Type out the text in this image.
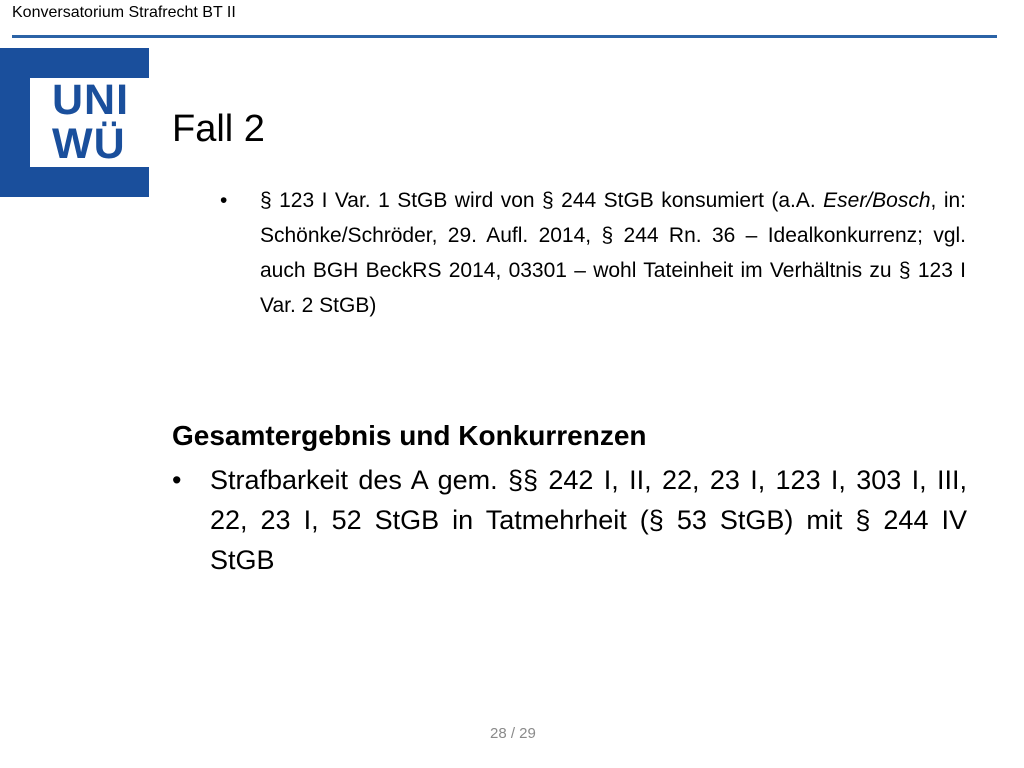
Konversatorium Strafrecht BT II
UNI
WÜ Fall 2
• § 123 I Var. 1 StGB wird von § 244 StGB konsumiert (a.A. Eser/Bosch, in: Schönke/Schröder, 29. Aufl. 2014, § 244 Rn. 36 – Idealkonkurrenz; vgl. auch BGH BeckRS 2014, 03301 – wohl Tateinheit im Verhältnis zu § 123 I Var. 2 StGB)
Gesamtergebnis und Konkurrenzen
• Strafbarkeit des A gem. §§ 242 I, II, 22, 23 I, 123 I, 303 I, III, 22, 23 I, 52 StGB in Tatmehrheit (§ 53 StGB) mit § 244 IV StGB
28 / 29
